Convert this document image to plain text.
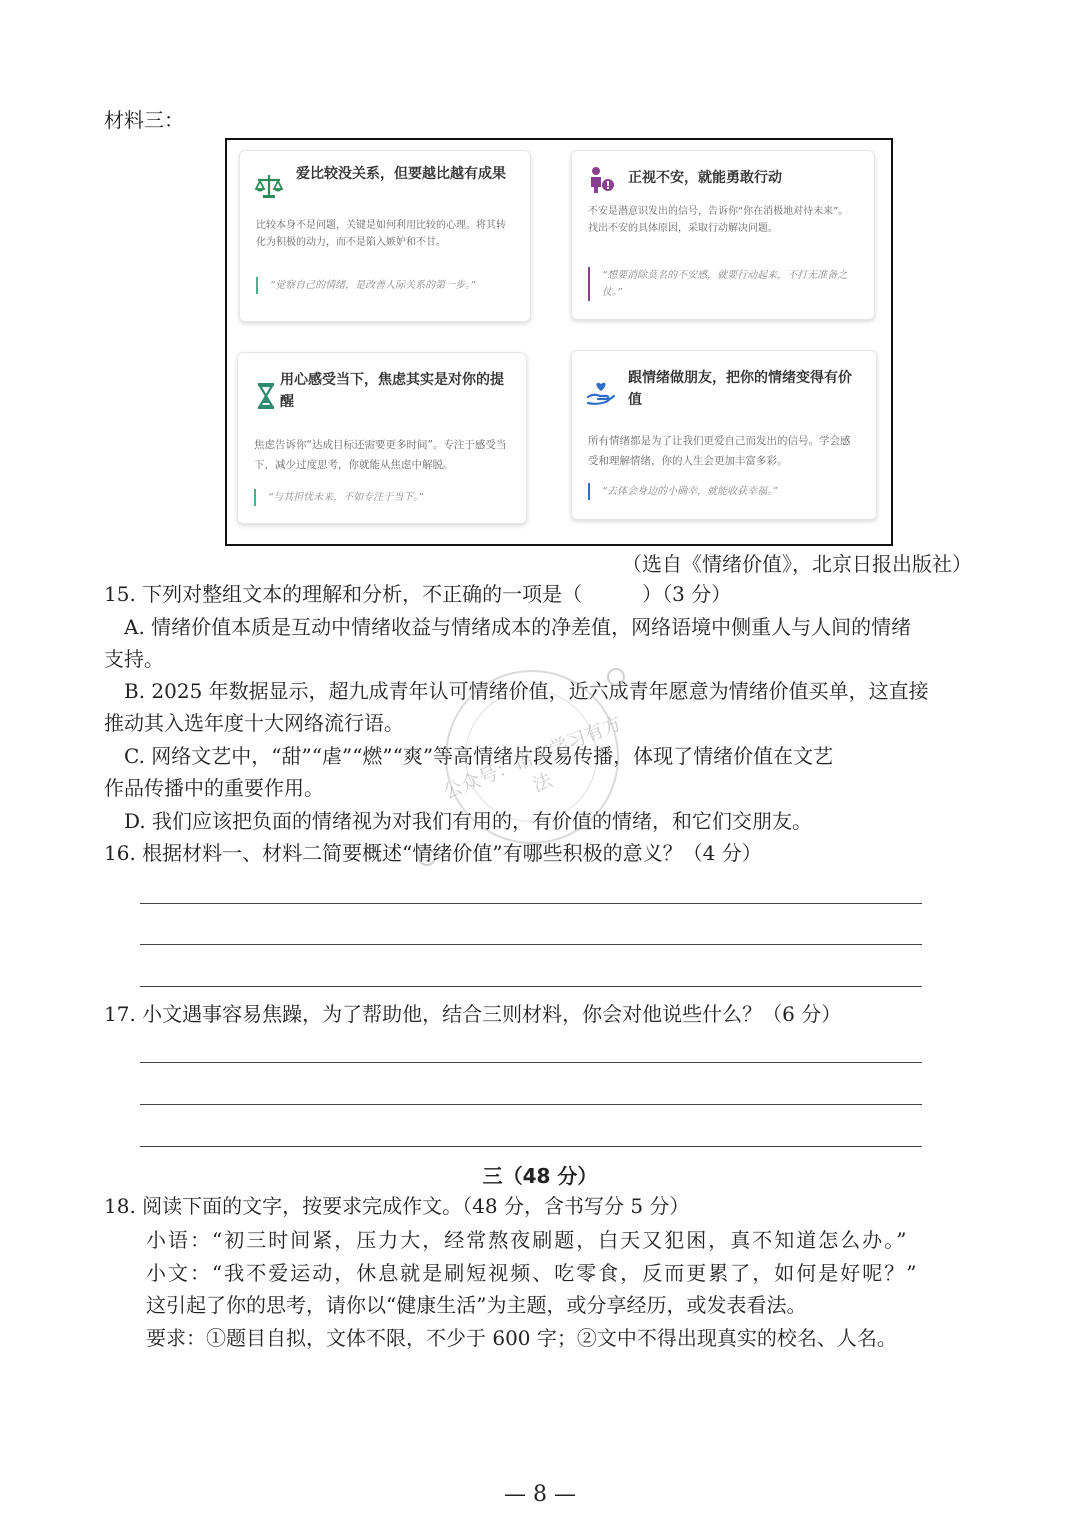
材料三：
爱比较没关系，但要越比越有成果
比较本身不是问题，关键是如何利用比较的心理。将其转化为积极的动力，而不是陷入嫉妒和不甘。
“觉察自己的情绪，是改善人际关系的第一步。”
正视不安，就能勇敢行动
不安是潜意识发出的信号，告诉你“你在消极地对待未来”。找出不安的具体原因，采取行动解决问题。
“想要消除莫名的不安感，就要行动起来，不打无准备之仗。”
用心感受当下，焦虑其实是对你的提醒
焦虑告诉你“达成目标还需要更多时间”。专注于感受当下，减少过度思考，你就能从焦虑中解脱。
“与其担忧未来，不如专注于当下。”
跟情绪做朋友，把你的情绪变得有价值
所有情绪都是为了让我们更爱自己而发出的信号。学会感受和理解情绪，你的人生会更加丰富多彩。
“去体会身边的小确幸，就能收获幸福。”
（选自《情绪价值》，北京日报出版社）
15. 下列对整组文本的理解和分析，不正确的一项是（　　　）（3 分）
A. 情绪价值本质是互动中情绪收益与情绪成本的净差值，网络语境中侧重人与人间的情绪
支持。
B. 2025 年数据显示，超九成青年认可情绪价值，近六成青年愿意为情绪价值买单，这直接
推动其入选年度十大网络流行语。
C. 网络文艺中，“甜”“虐”“燃”“爽”等高情绪片段易传播，体现了情绪价值在文艺
作品传播中的重要作用。
D. 我们应该把负面的情绪视为对我们有用的，有价值的情绪，和它们交朋友。
公众号：语文学习有方法
16. 根据材料一、材料二简要概述“情绪价值”有哪些积极的意义？（4 分）
17. 小文遇事容易焦躁，为了帮助他，结合三则材料，你会对他说些什么？（6 分）
三（48 分）
18. 阅读下面的文字，按要求完成作文。（48 分，含书写分 5 分）
小语：“初三时间紧，压力大，经常熬夜刷题，白天又犯困，真不知道怎么办。”
小文：“我不爱运动，休息就是刷短视频、吃零食，反而更累了，如何是好呢？”
这引起了你的思考，请你以“健康生活”为主题，或分享经历，或发表看法。
要求：①题目自拟，文体不限，不少于 600 字；②文中不得出现真实的校名、人名。
— 8 —
